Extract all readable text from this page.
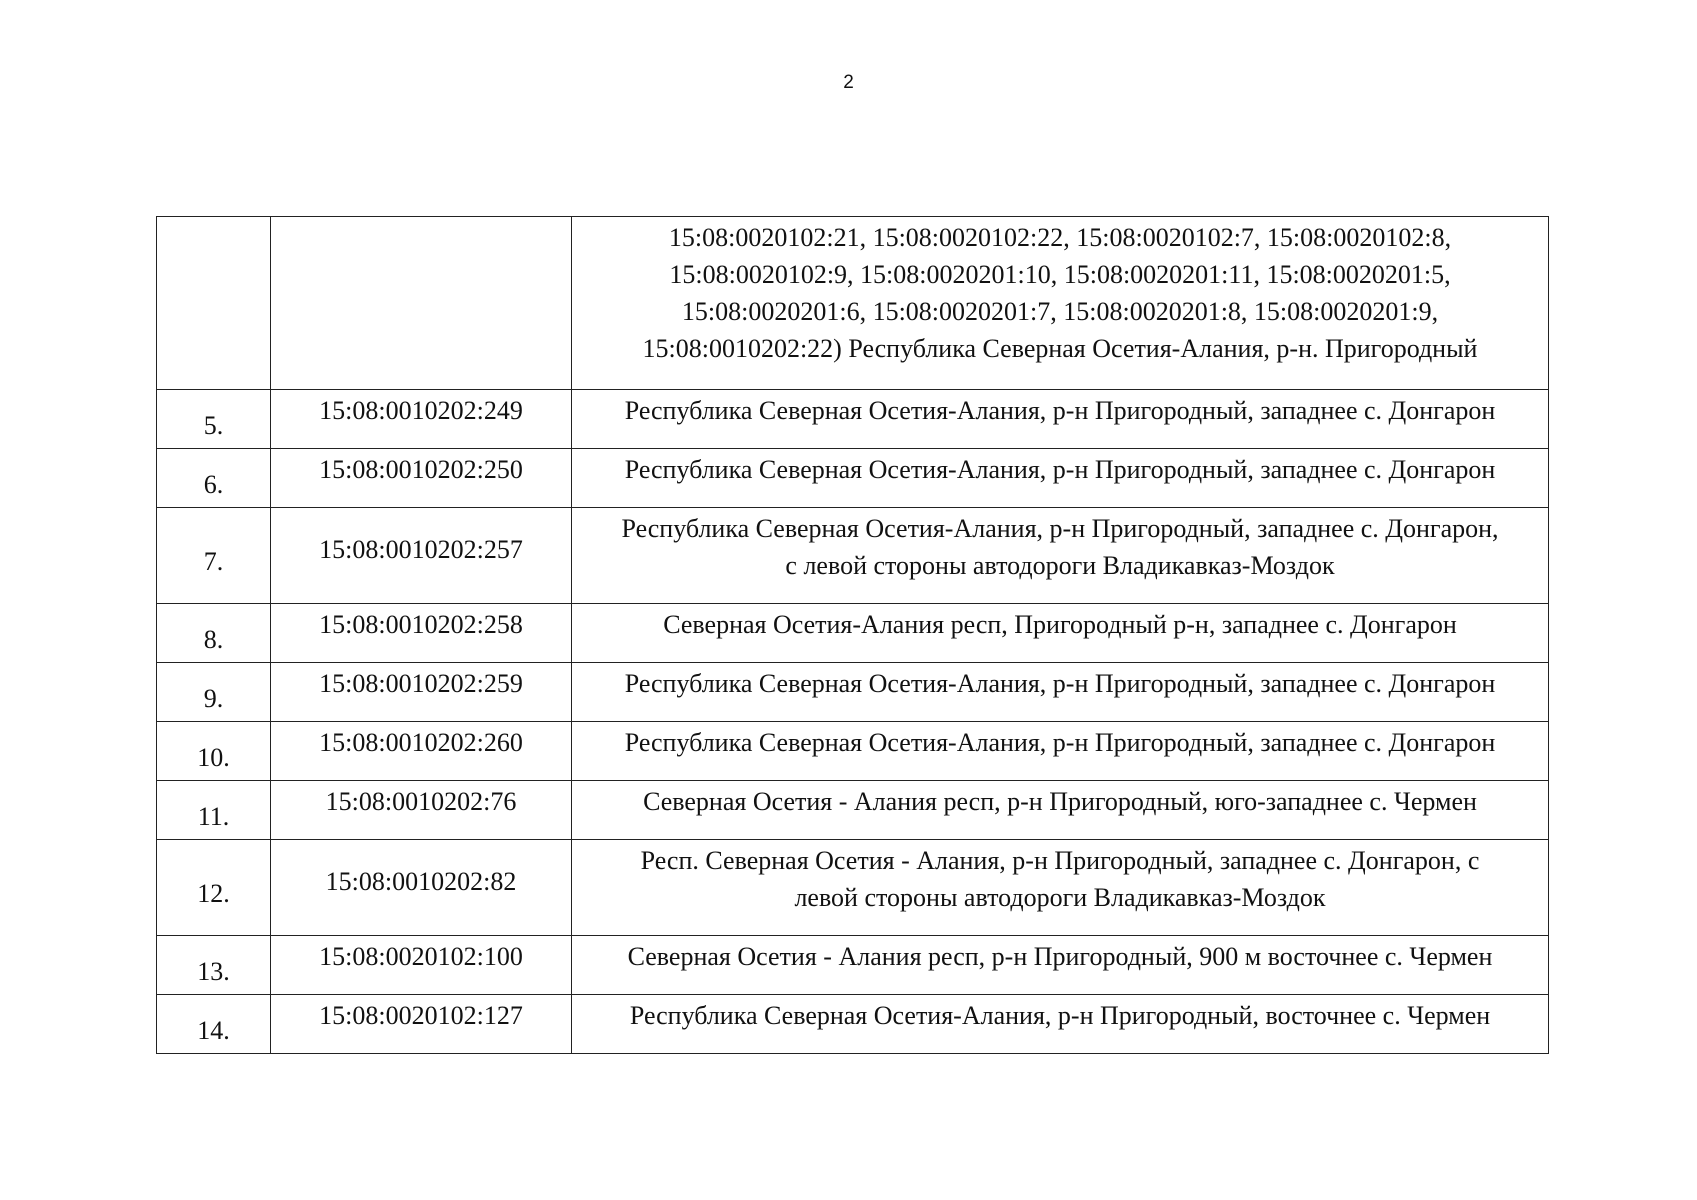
2

		15:08:0020102:21, 15:08:0020102:22, 15:08:0020102:7, 15:08:0020102:8,
15:08:0020102:9, 15:08:0020201:10, 15:08:0020201:11, 15:08:0020201:5,
15:08:0020201:6, 15:08:0020201:7, 15:08:0020201:8, 15:08:0020201:9,
15:08:0010202:22) Республика Северная Осетия-Алания, р-н. Пригородный

5.	15:08:0010202:249	Республика Северная Осетия-Алания, р-н Пригородный, западнее с. Донгарон

6.	15:08:0010202:250	Республика Северная Осетия-Алания, р-н Пригородный, западнее с. Донгарон

7.	15:08:0010202:257	Республика Северная Осетия-Алания, р-н Пригородный, западнее с. Донгарон,
с левой стороны автодороги Владикавказ-Моздок

8.	15:08:0010202:258	Северная Осетия-Алания респ, Пригородный р-н, западнее с. Донгарон

9.	15:08:0010202:259	Республика Северная Осетия-Алания, р-н Пригородный, западнее с. Донгарон

10.	15:08:0010202:260	Республика Северная Осетия-Алания, р-н Пригородный, западнее с. Донгарон

11.	15:08:0010202:76	Северная Осетия - Алания респ, р-н Пригородный, юго-западнее с. Чермен

12.	15:08:0010202:82	Респ. Северная Осетия - Алания, р-н Пригородный, западнее с. Донгарон, с
левой стороны автодороги Владикавказ-Моздок

13.	15:08:0020102:100	Северная Осетия - Алания респ, р-н Пригородный, 900 м восточнее с. Чермен

14.	15:08:0020102:127	Республика Северная Осетия-Алания, р-н Пригородный, восточнее с. Чермен
